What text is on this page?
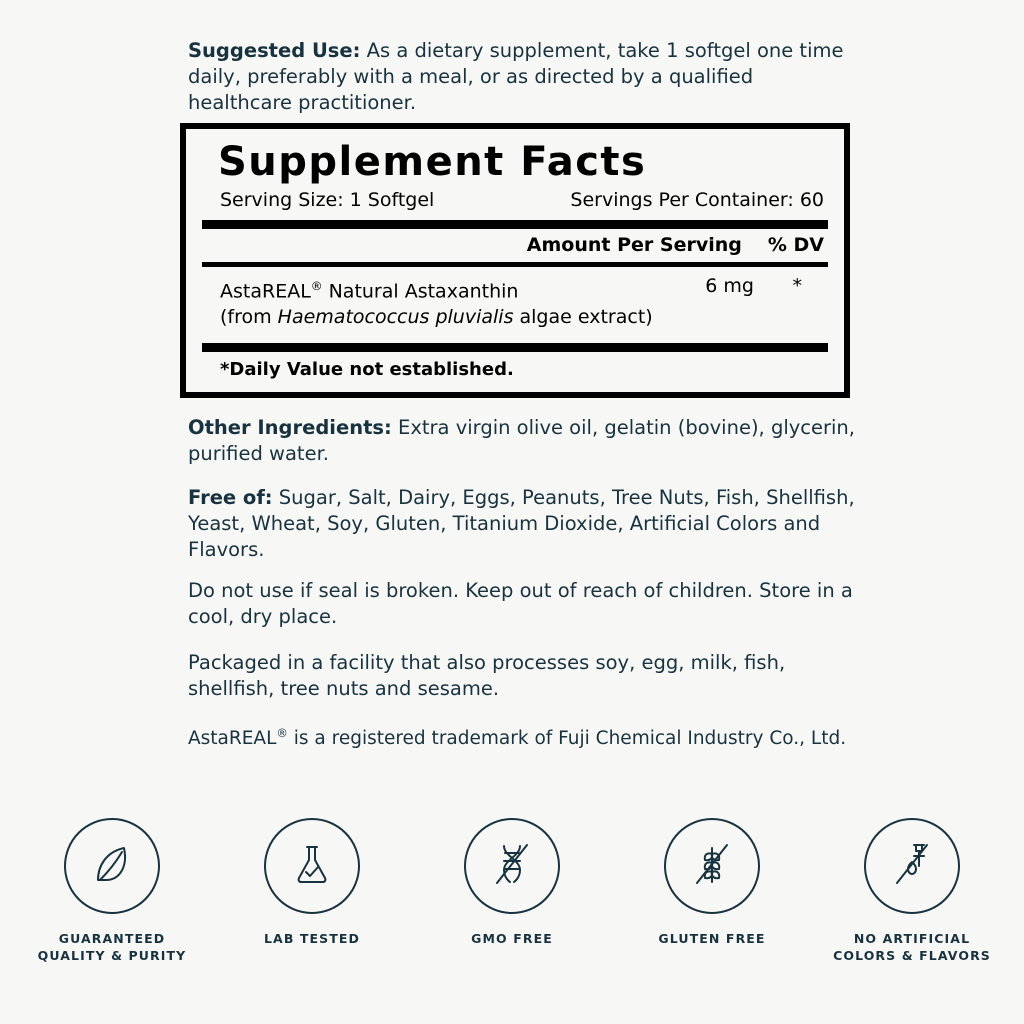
Suggested Use: As a dietary supplement, take 1 softgel one time daily, preferably with a meal, or as directed by a qualified healthcare practitioner.
Supplement Facts
Serving Size: 1 Softgel	Servings Per Container: 60
Amount Per Serving % DV
AstaREAL® Natural Astaxanthin
(from Haematococcus pluvialis algae extract)
6 mg *
*Daily Value not established.
Other Ingredients: Extra virgin olive oil, gelatin (bovine), glycerin, purified water.
Free of: Sugar, Salt, Dairy, Eggs, Peanuts, Tree Nuts, Fish, Shellfish, Yeast, Wheat, Soy, Gluten, Titanium Dioxide, Artificial Colors and Flavors.
Do not use if seal is broken. Keep out of reach of children. Store in a cool, dry place.
Packaged in a facility that also processes soy, egg, milk, fish, shellfish, tree nuts and sesame.
AstaREAL® is a registered trademark of Fuji Chemical Industry Co., Ltd.
GUARANTEED
QUALITY & PURITY
LAB TESTED	GMO FREE	GLUTEN FREE	NO ARTIFICIAL
COLORS & FLAVORS
